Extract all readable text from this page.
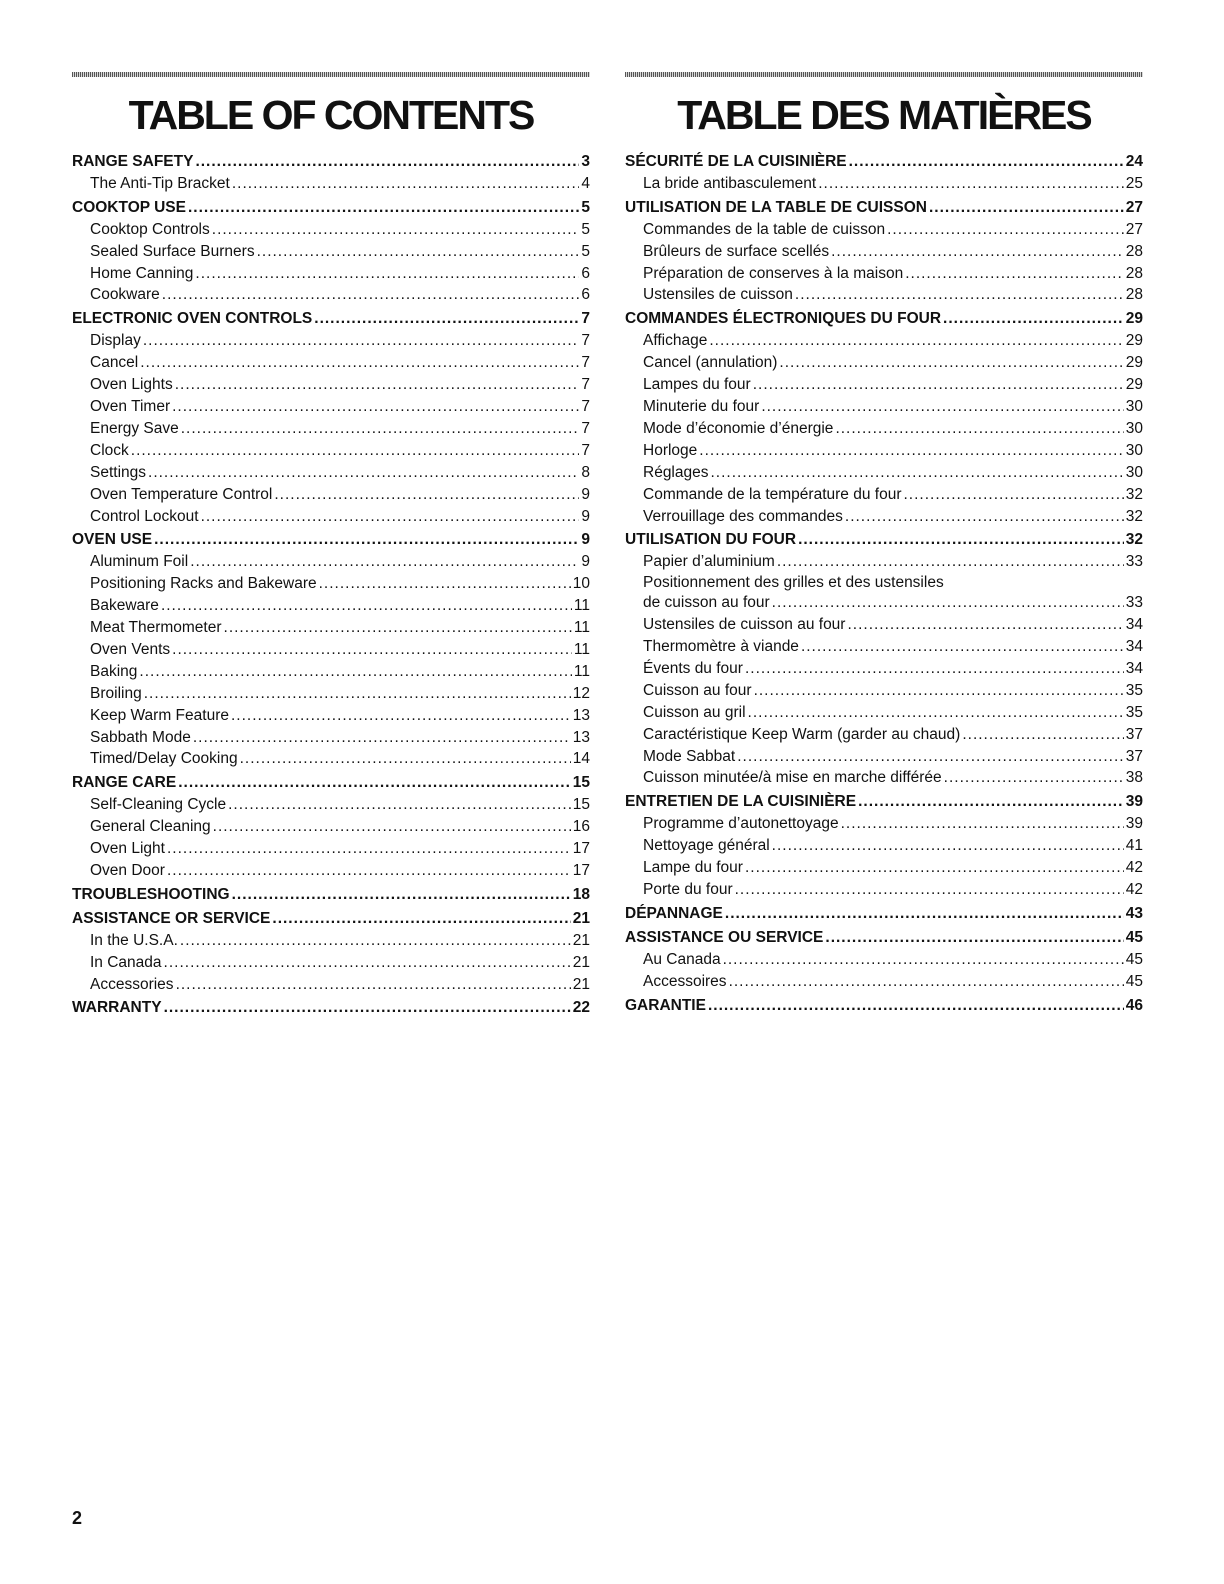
TABLE OF CONTENTS
RANGE SAFETY .....	3
The Anti-Tip Bracket .....	4
COOKTOP USE .....	5
Cooktop Controls .....	5
Sealed Surface Burners .....	5
Home Canning .....	6
Cookware .....	6
ELECTRONIC OVEN CONTROLS .....	7
Display .....	7
Cancel .....	7
Oven Lights .....	7
Oven Timer .....	7
Energy Save .....	7
Clock .....	7
Settings .....	8
Oven Temperature Control .....	9
Control Lockout .....	9
OVEN USE .....	9
Aluminum Foil .....	9
Positioning Racks and Bakeware .....	10
Bakeware .....	11
Meat Thermometer .....	11
Oven Vents .....	11
Baking .....	11
Broiling .....	12
Keep Warm Feature .....	13
Sabbath Mode .....	13
Timed/Delay Cooking .....	14
RANGE CARE .....	15
Self-Cleaning Cycle .....	15
General Cleaning .....	16
Oven Light .....	17
Oven Door .....	17
TROUBLESHOOTING .....	18
ASSISTANCE OR SERVICE .....	21
In the U.S.A. .....	21
In Canada .....	21
Accessories .....	21
WARRANTY .....	22
TABLE DES MATIÈRES
SÉCURITÉ DE LA CUISINIÈRE .....	24
La bride antibasculement .....	25
UTILISATION DE LA TABLE DE CUISSON .....	27
Commandes de la table de cuisson .....	27
Brûleurs de surface scellés .....	28
Préparation de conserves à la maison .....	28
Ustensiles de cuisson .....	28
COMMANDES ÉLECTRONIQUES DU FOUR .....	29
Affichage .....	29
Cancel (annulation) .....	29
Lampes du four .....	29
Minuterie du four .....	30
Mode d’économie d’énergie .....	30
Horloge .....	30
Réglages .....	30
Commande de la température du four .....	32
Verrouillage des commandes .....	32
UTILISATION DU FOUR .....	32
Papier d’aluminium .....	33
Positionnement des grilles et des ustensiles
de cuisson au four .....	33
Ustensiles de cuisson au four .....	34
Thermomètre à viande .....	34
Évents du four .....	34
Cuisson au four .....	35
Cuisson au gril .....	35
Caractéristique Keep Warm (garder au chaud) .....	37
Mode Sabbat .....	37
Cuisson minutée/à mise en marche différée .....	38
ENTRETIEN DE LA CUISINIÈRE .....	39
Programme d’autonettoyage .....	39
Nettoyage général .....	41
Lampe du four .....	42
Porte du four .....	42
DÉPANNAGE .....	43
ASSISTANCE OU SERVICE .....	45
Au Canada .....	45
Accessoires .....	45
GARANTIE .....	46
2
